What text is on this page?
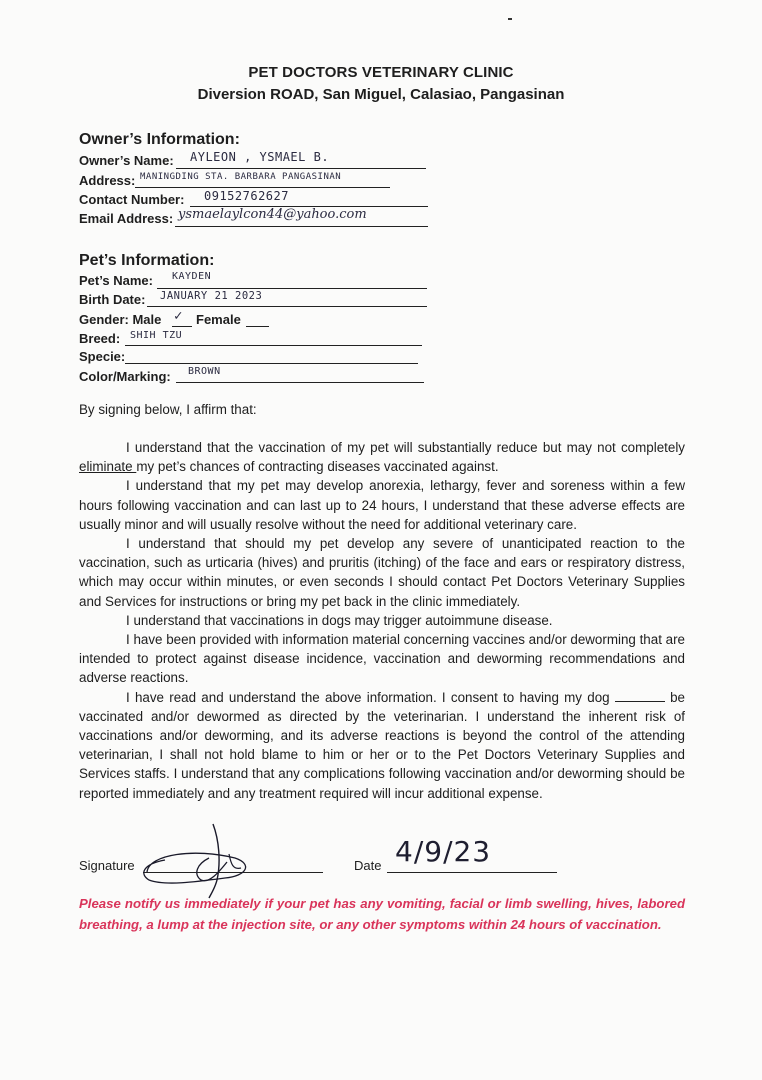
PET DOCTORS VETERINARY CLINIC
Diversion ROAD, San Miguel, Calasiao, Pangasinan
Owner’s Information:
Owner’s Name: AYLEON , YSMAEL B.
Address: MANINGDING STA. BARBARA PANGASINAN
Contact Number: 09152762627
Email Address: ysmaelaylcon44@yahoo.com
Pet’s Information:
Pet’s Name: KAYDEN
Birth Date: JANUARY 21 2023
Gender: Male ✓ Female
Breed: SHIH TZU
Specie:
Color/Marking: BROWN
By signing below, I affirm that:

I understand that the vaccination of my pet will substantially reduce but may not completely eliminate my pet’s chances of contracting diseases vaccinated against.

I understand that my pet may develop anorexia, lethargy, fever and soreness within a few hours following vaccination and can last up to 24 hours, I understand that these adverse effects are usually minor and will usually resolve without the need for additional veterinary care.

I understand that should my pet develop any severe of unanticipated reaction to the vaccination, such as urticaria (hives) and pruritis (itching) of the face and ears or respiratory distress, which may occur within minutes, or even seconds I should contact Pet Doctors Veterinary Supplies and Services for instructions or bring my pet back in the clinic immediately.

I understand that vaccinations in dogs may trigger autoimmune disease.

I have been provided with information material concerning vaccines and/or deworming that are intended to protect against disease incidence, vaccination and deworming recommendations and adverse reactions.

I have read and understand the above information. I consent to having my dog	be vaccinated and/or dewormed as directed by the veterinarian. I understand the inherent risk of vaccinations and/or deworming, and its adverse reactions is beyond the control of the attending veterinarian, I shall not hold blame to him or her or to the Pet Doctors Veterinary Supplies and Services staffs. I understand that any complications following vaccination and/or deworming should be reported immediately and any treatment required will incur additional expense.

Signature	Date 4/9/23
Please notify us immediately if your pet has any vomiting, facial or limb swelling, hives, labored breathing, a lump at the injection site, or any other symptoms within 24 hours of vaccination.
